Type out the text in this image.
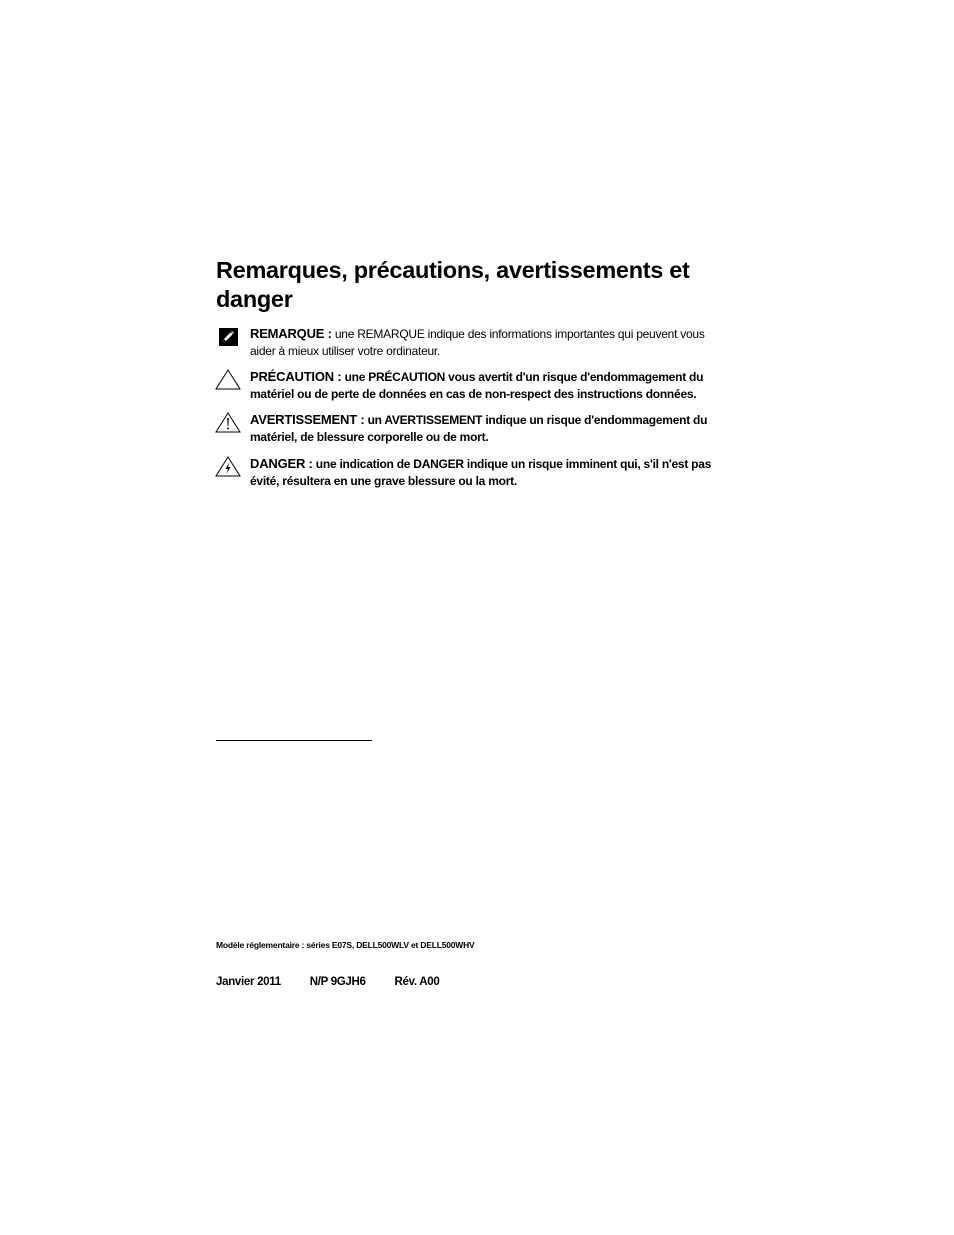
Remarques, précautions, avertissements et danger
REMARQUE : une REMARQUE indique des informations importantes qui peuvent vous aider à mieux utiliser votre ordinateur.
PRÉCAUTION : une PRÉCAUTION vous avertit d'un risque d'endommagement du matériel ou de perte de données en cas de non-respect des instructions données.
AVERTISSEMENT : un AVERTISSEMENT indique un risque d'endommagement du matériel, de blessure corporelle ou de mort.
DANGER : une indication de DANGER indique un risque imminent qui, s'il n'est pas évité, résultera en une grave blessure ou la mort.
Modèle réglementaire : séries E07S, DELL500WLV et DELL500WHV
Janvier 2011	N/P 9GJH6	Rév. A00
